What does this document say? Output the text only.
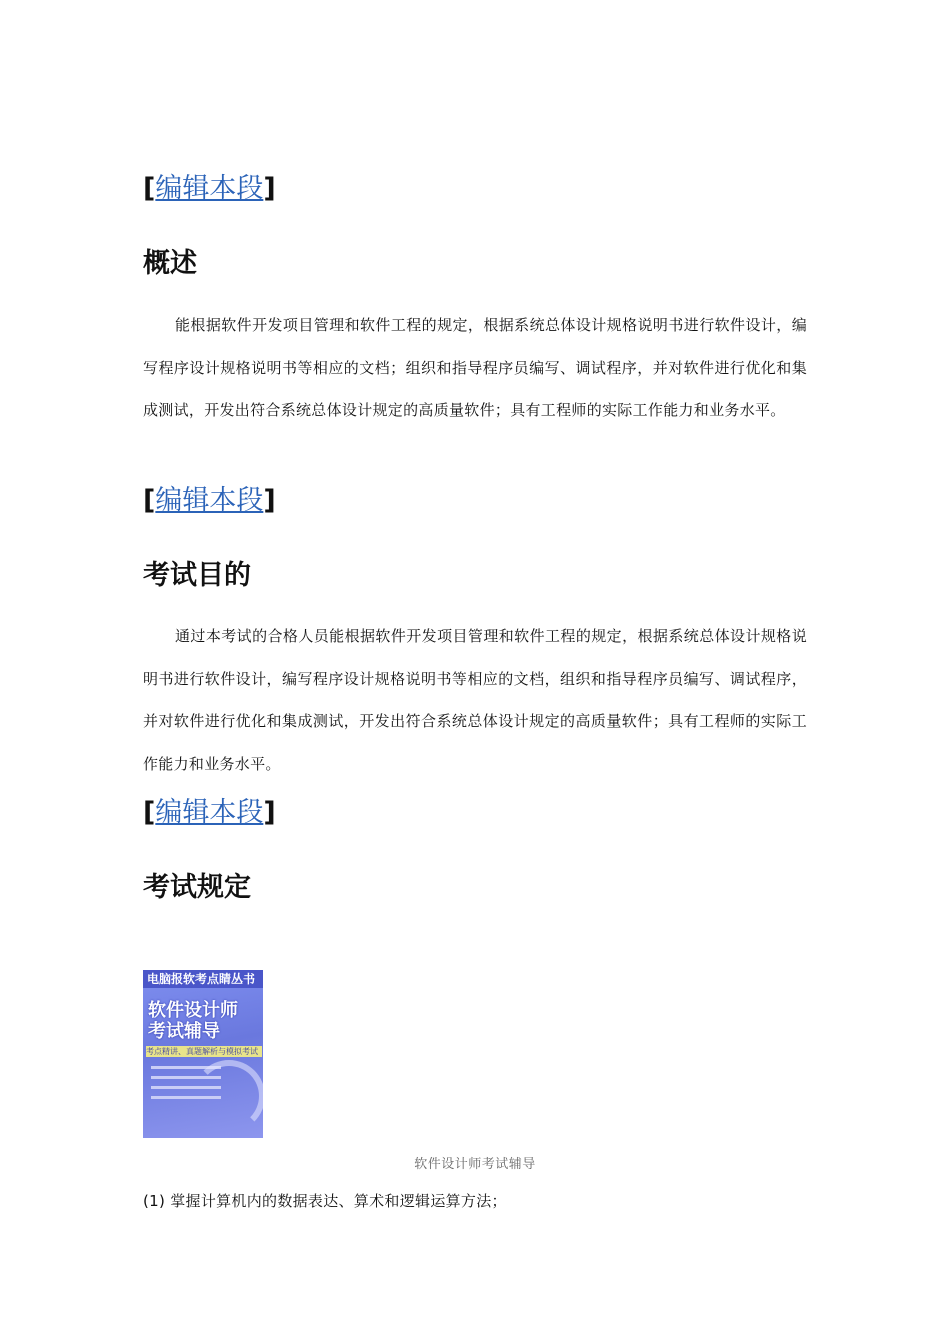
[编辑本段]
概述
能根据软件开发项目管理和软件工程的规定，根据系统总体设计规格说明书进行软件设计，编写程序设计规格说明书等相应的文档；组织和指导程序员编写、调试程序，并对软件进行优化和集成测试，开发出符合系统总体设计规定的高质量软件；具有工程师的实际工作能力和业务水平。
[编辑本段]
考试目的
通过本考试的合格人员能根据软件开发项目管理和软件工程的规定，根据系统总体设计规格说明书进行软件设计，编写程序设计规格说明书等相应的文档，组织和指导程序员编写、调试程序，并对软件进行优化和集成测试，开发出符合系统总体设计规定的高质量软件；具有工程师的实际工作能力和业务水平。
[编辑本段]
考试规定
电脑报软考点睛丛书
软件设计师
考试辅导
考点精讲、真题解析与模拟考试
软件设计师考试辅导
(1) 掌握计算机内的数据表达、算术和逻辑运算方法；
